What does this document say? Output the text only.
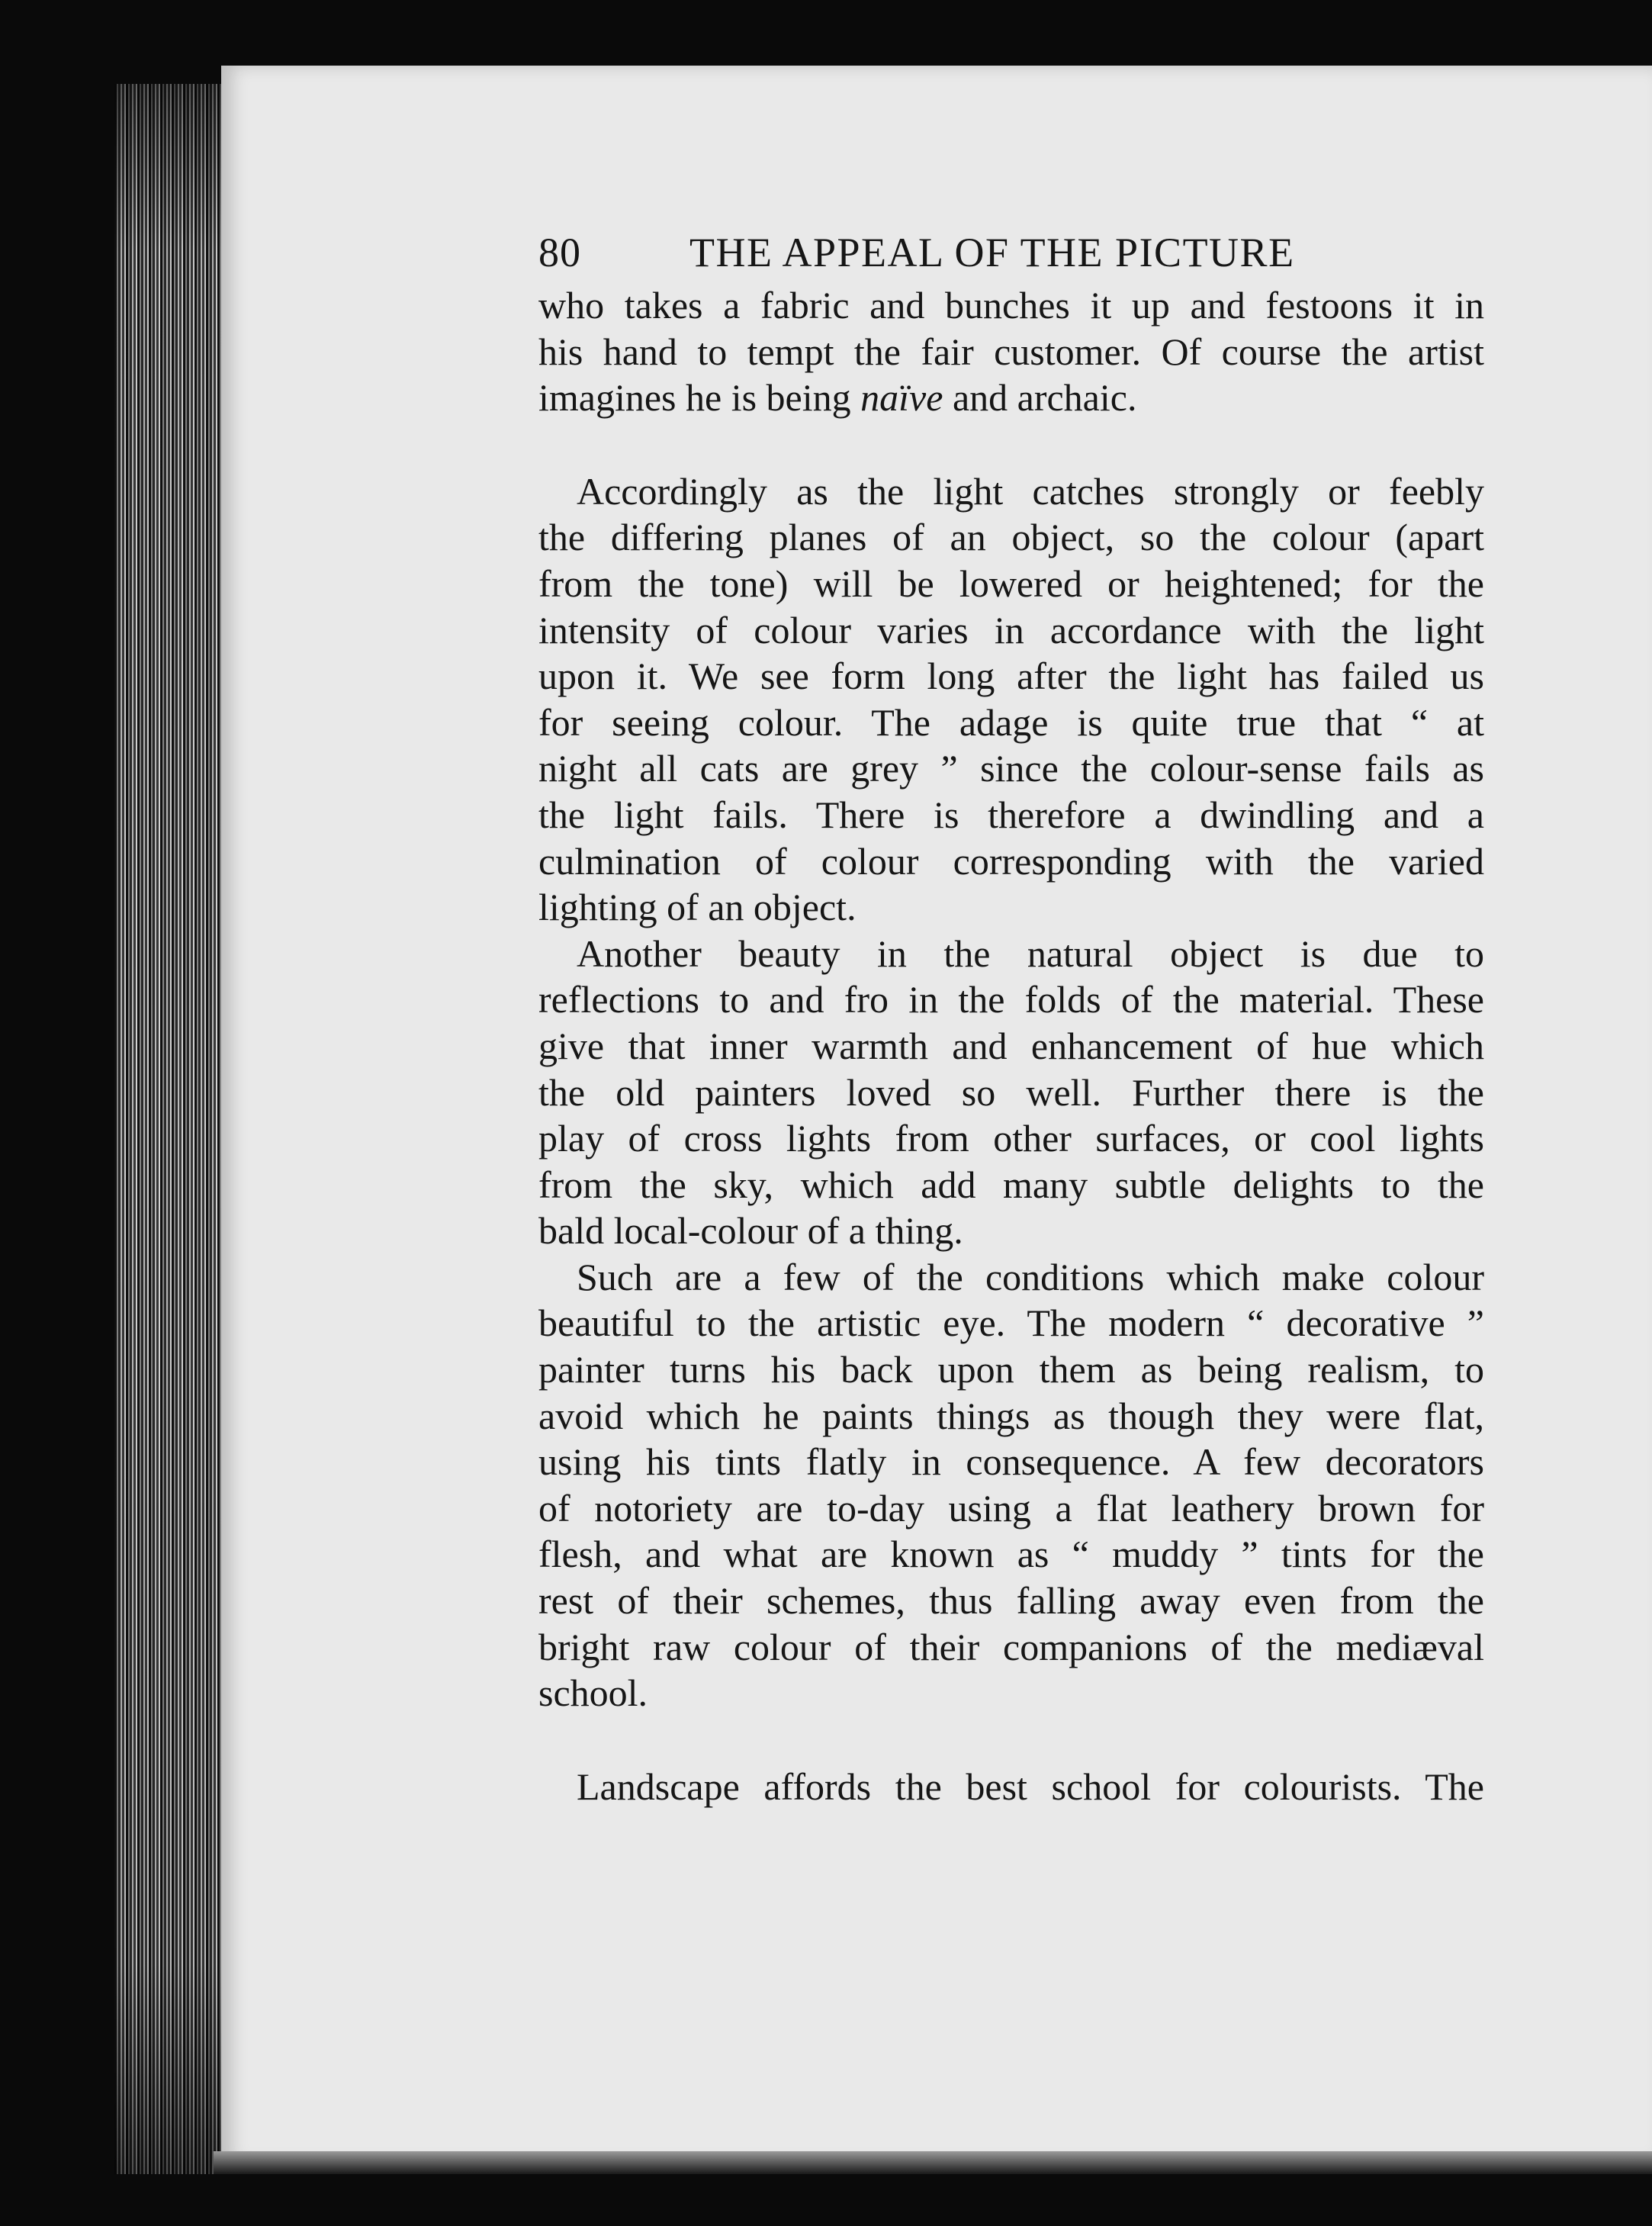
80	THE APPEAL OF THE PICTURE

who takes a fabric and bunches it up and festoons it in
his hand to tempt the fair customer. Of course the artist
imagines he is being naïve and archaic.

Accordingly as the light catches strongly or feebly
the differing planes of an object, so the colour (apart
from the tone) will be lowered or heightened; for the
intensity of colour varies in accordance with the light
upon it. We see form long after the light has failed us
for seeing colour. The adage is quite true that “ at
night all cats are grey ” since the colour-sense fails as
the light fails. There is therefore a dwindling and a
culmination of colour corresponding with the varied
lighting of an object.

Another beauty in the natural object is due to
reflections to and fro in the folds of the material. These
give that inner warmth and enhancement of hue which
the old painters loved so well. Further there is the
play of cross lights from other surfaces, or cool lights
from the sky, which add many subtle delights to the
bald local-colour of a thing.

Such are a few of the conditions which make colour
beautiful to the artistic eye. The modern “ decorative ”
painter turns his back upon them as being realism, to
avoid which he paints things as though they were flat,
using his tints flatly in consequence. A few decorators
of notoriety are to-day using a flat leathery brown for
flesh, and what are known as “ muddy ” tints for the
rest of their schemes, thus falling away even from the
bright raw colour of their companions of the mediæval
school.

Landscape affords the best school for colourists. The
